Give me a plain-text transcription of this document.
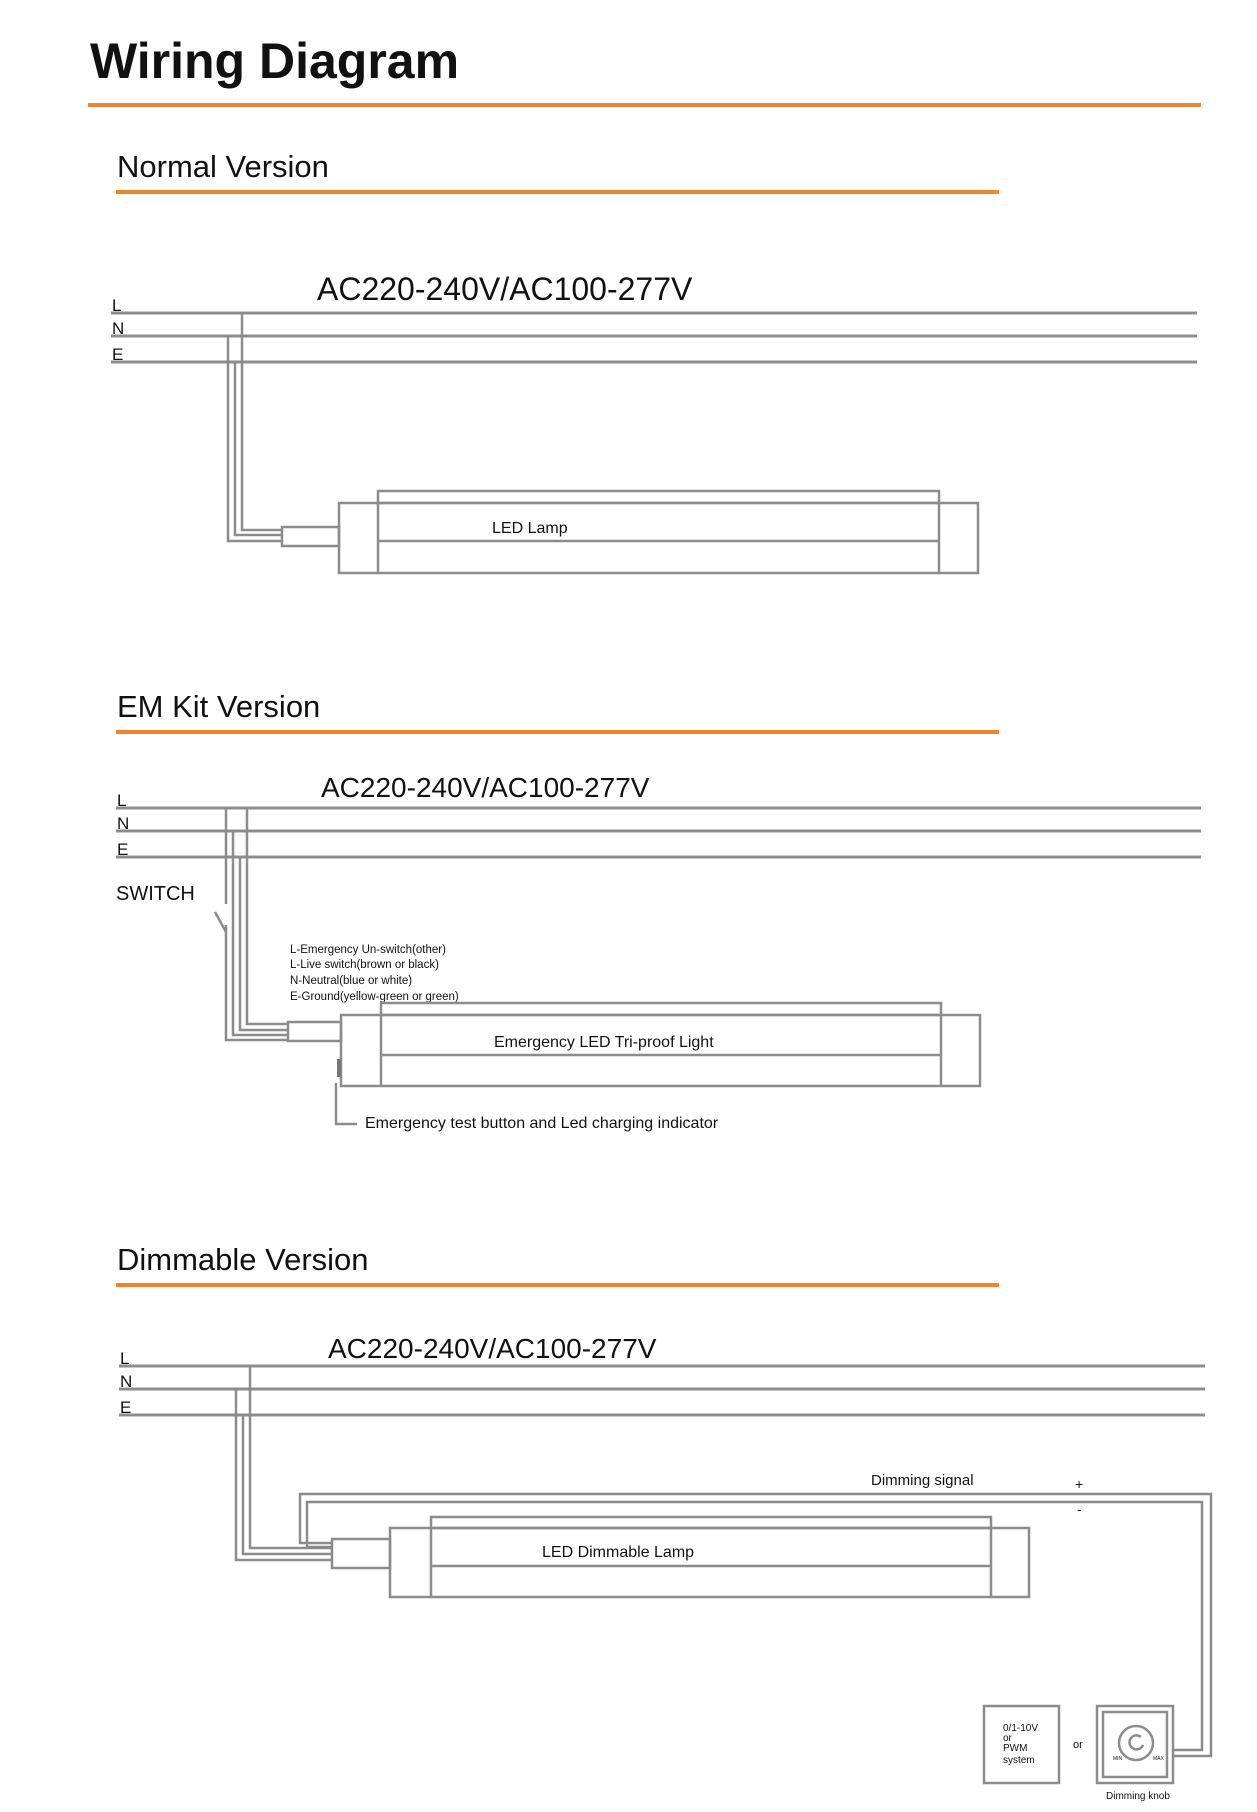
Wiring Diagram
Normal Version
AC220-240V/AC100-277V
L
N
E
LED Lamp
EM Kit Version
AC220-240V/AC100-277V
L
N
E
SWITCH
L-Emergency Un-switch(other)
L-Live switch(brown or black)
N-Neutral(blue or white)
E-Ground(yellow-green or green)
Emergency LED Tri-proof Light
Emergency test button and Led charging indicator
Dimmable Version
AC220-240V/AC100-277V
L
N
E
Dimming signal	+
-
LED Dimmable Lamp
0/1-10V
or
PWM
system
or
MIN	MAX
Dimming knob
